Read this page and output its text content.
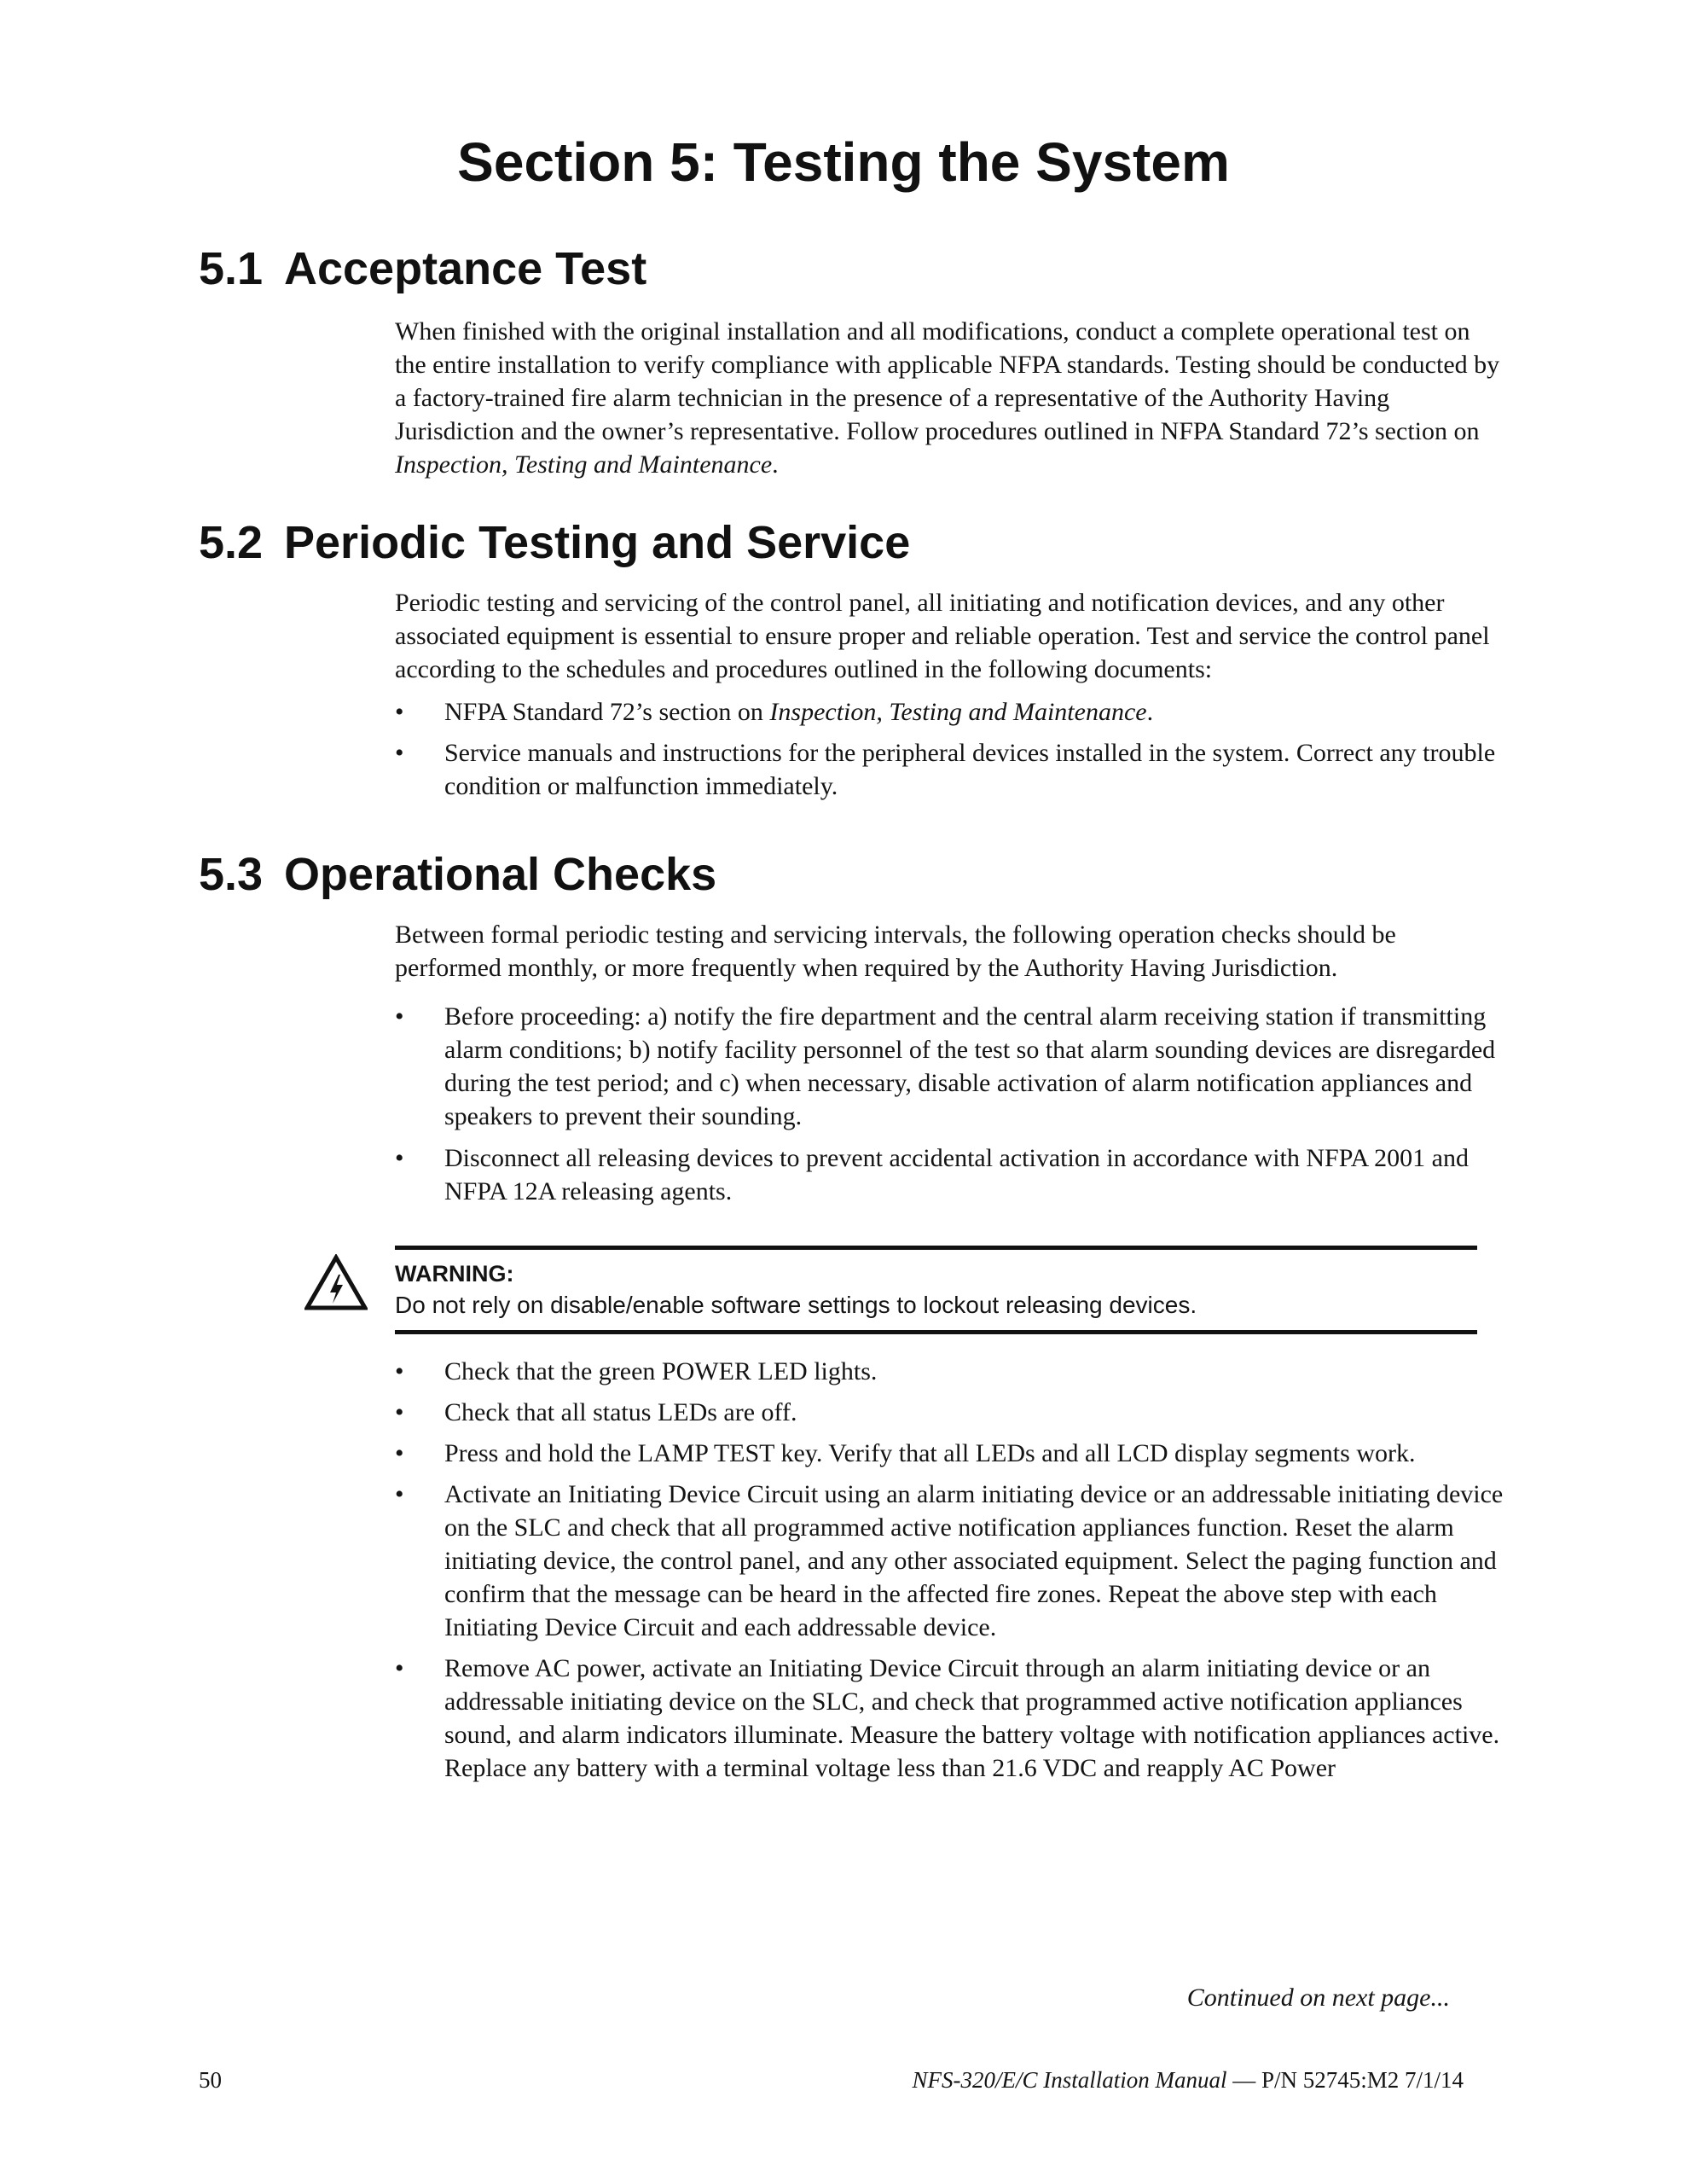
Section 5: Testing the System
5.1 Acceptance Test

When finished with the original installation and all modifications, conduct a complete operational test on the entire installation to verify compliance with applicable NFPA standards. Testing should be conducted by a factory-trained fire alarm technician in the presence of a representative of the Authority Having Jurisdiction and the owner’s representative. Follow procedures outlined in NFPA Standard 72’s section on Inspection, Testing and Maintenance.

5.2 Periodic Testing and Service

Periodic testing and servicing of the control panel, all initiating and notification devices, and any other associated equipment is essential to ensure proper and reliable operation. Test and service the control panel according to the schedules and procedures outlined in the following documents:

• NFPA Standard 72’s section on Inspection, Testing and Maintenance.
• Service manuals and instructions for the peripheral devices installed in the system. Correct any trouble condition or malfunction immediately.
5.3 Operational Checks

Between formal periodic testing and servicing intervals, the following operation checks should be performed monthly, or more frequently when required by the Authority Having Jurisdiction.

• Before proceeding: a) notify the fire department and the central alarm receiving station if transmitting alarm conditions; b) notify facility personnel of the test so that alarm sounding devices are disregarded during the test period; and c) when necessary, disable activation of alarm notification appliances and speakers to prevent their sounding.
• Disconnect all releasing devices to prevent accidental activation in accordance with NFPA 2001 and NFPA 12A releasing agents.
WARNING:
Do not rely on disable/enable software settings to lockout releasing devices.
• Check that the green POWER LED lights.
• Check that all status LEDs are off.
• Press and hold the LAMP TEST key. Verify that all LEDs and all LCD display segments work.
• Activate an Initiating Device Circuit using an alarm initiating device or an addressable initiating device on the SLC and check that all programmed active notification appliances function. Reset the alarm initiating device, the control panel, and any other associated equipment. Select the paging function and confirm that the message can be heard in the affected fire zones. Repeat the above step with each Initiating Device Circuit and each addressable device.
• Remove AC power, activate an Initiating Device Circuit through an alarm initiating device or an addressable initiating device on the SLC, and check that programmed active notification appliances sound, and alarm indicators illuminate. Measure the battery voltage with notification appliances active. Replace any battery with a terminal voltage less than 21.6 VDC and reapply AC Power
Continued on next page...
50	NFS-320/E/C Installation Manual — P/N 52745:M2 7/1/14
